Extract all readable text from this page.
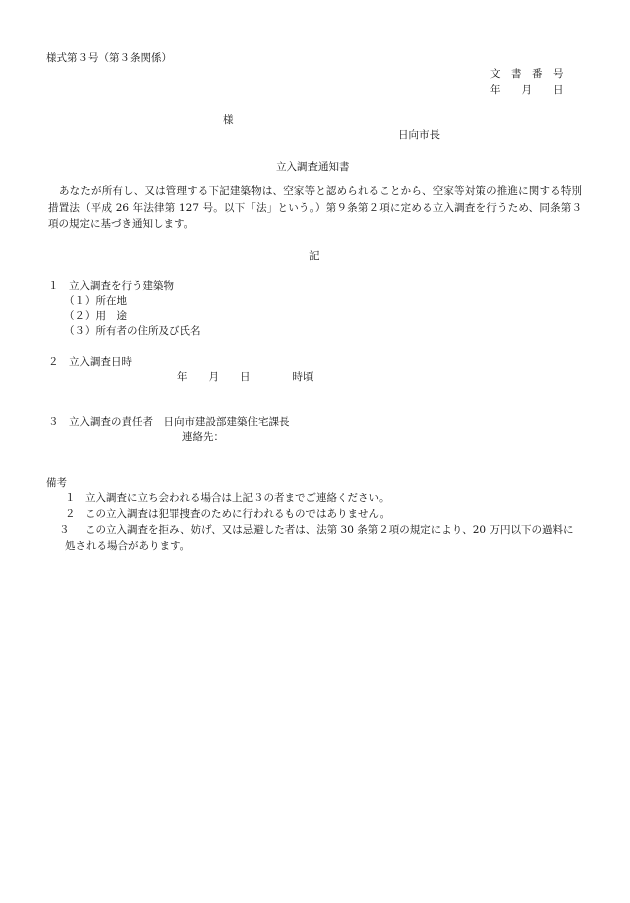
様式第３号（第３条関係）
文　書　番　号
年　　月　　日
様
日向市長
立入調査通知書
あなたが所有し、又は管理する下記建築物は、空家等と認められることから、空家等対策の推進に関する特別措置法（平成 26 年法律第 127 号。以下「法」という。）第９条第２項に定める立入調査を行うため、同条第３項の規定に基づき通知します。
記
１　立入調査を行う建築物
（１）所在地
（２）用　途
（３）所有者の住所及び氏名
２　立入調査日時
年　　月　　日　　　　時頃
３　立入調査の責任者　日向市建設部建築住宅課長
連絡先：
備考
１ 立入調査に立ち会われる場合は上記３の者までご連絡ください。
２ この立入調査は犯罪捜査のために行われるものではありません。
３ この立入調査を拒み、妨げ、又は忌避した者は、法第 30 条第２項の規定により、20 万円以下の過料に処される場合があります。
